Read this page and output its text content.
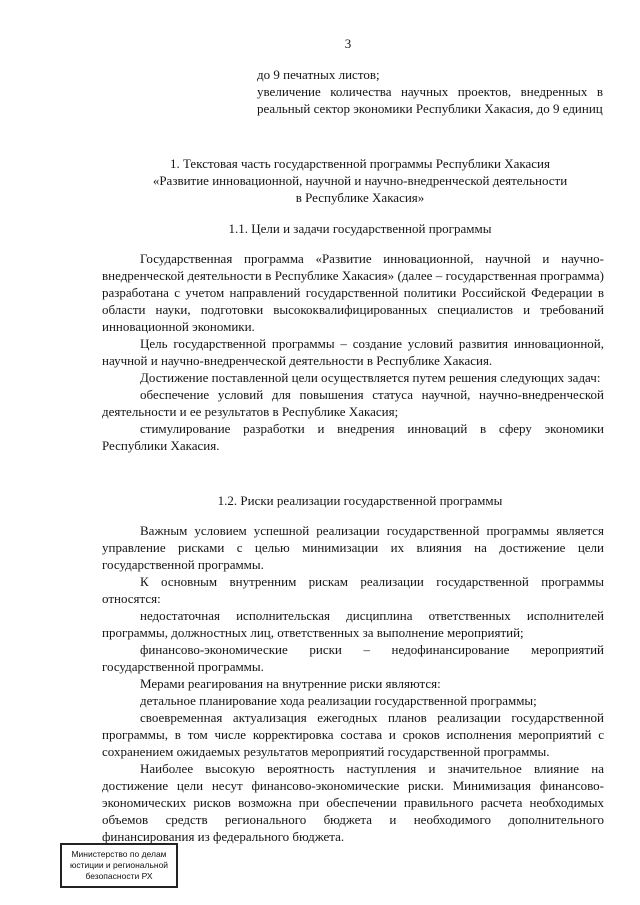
3

до 9 печатных листов;

увеличение количества научных проектов, внедренных в реальный сектор экономики Республики Хакасия, до 9 единиц

1. Текстовая часть государственной программы Республики Хакасия
«Развитие инновационной, научной и научно-внедренческой деятельности
в Республике Хакасия»
1.1. Цели и задачи государственной программы

Государственная программа «Развитие инновационной, научной и научно-внедренческой деятельности в Республике Хакасия» (далее – государственная программа) разработана с учетом направлений государственной политики Российской Федерации в области науки, подготовки высококвалифицированных специалистов и требований инновационной экономики.

Цель государственной программы – создание условий развития инновационной, научной и научно-внедренческой деятельности в Республике Хакасия.

Достижение поставленной цели осуществляется путем решения следующих задач:

обеспечение условий для повышения статуса научной, научно-внедренческой деятельности и ее результатов в Республике Хакасия;

стимулирование разработки и внедрения инноваций в сферу экономики Республики Хакасия.

1.2. Риски реализации государственной программы

Важным условием успешной реализации государственной программы является управление рисками с целью минимизации их влияния на достижение цели государственной программы.

К основным внутренним рискам реализации государственной программы относятся:

недостаточная исполнительская дисциплина ответственных исполнителей программы, должностных лиц, ответственных за выполнение мероприятий;

финансово-экономические риски – недофинансирование мероприятий государственной программы.

Мерами реагирования на внутренние риски являются:

детальное планирование хода реализации государственной программы;

своевременная актуализация ежегодных планов реализации государственной программы, в том числе корректировка состава и сроков исполнения мероприятий с сохранением ожидаемых результатов мероприятий государственной программы.

Наиболее высокую вероятность наступления и значительное влияние на достижение цели несут финансово-экономические риски. Минимизация финансово-экономических рисков возможна при обеспечении правильного расчета необходимых объемов средств регионального бюджета и необходимого дополнительного финансирования из федерального бюджета.

Министерство по делам
юстиции и региональной
безопасности РХ
